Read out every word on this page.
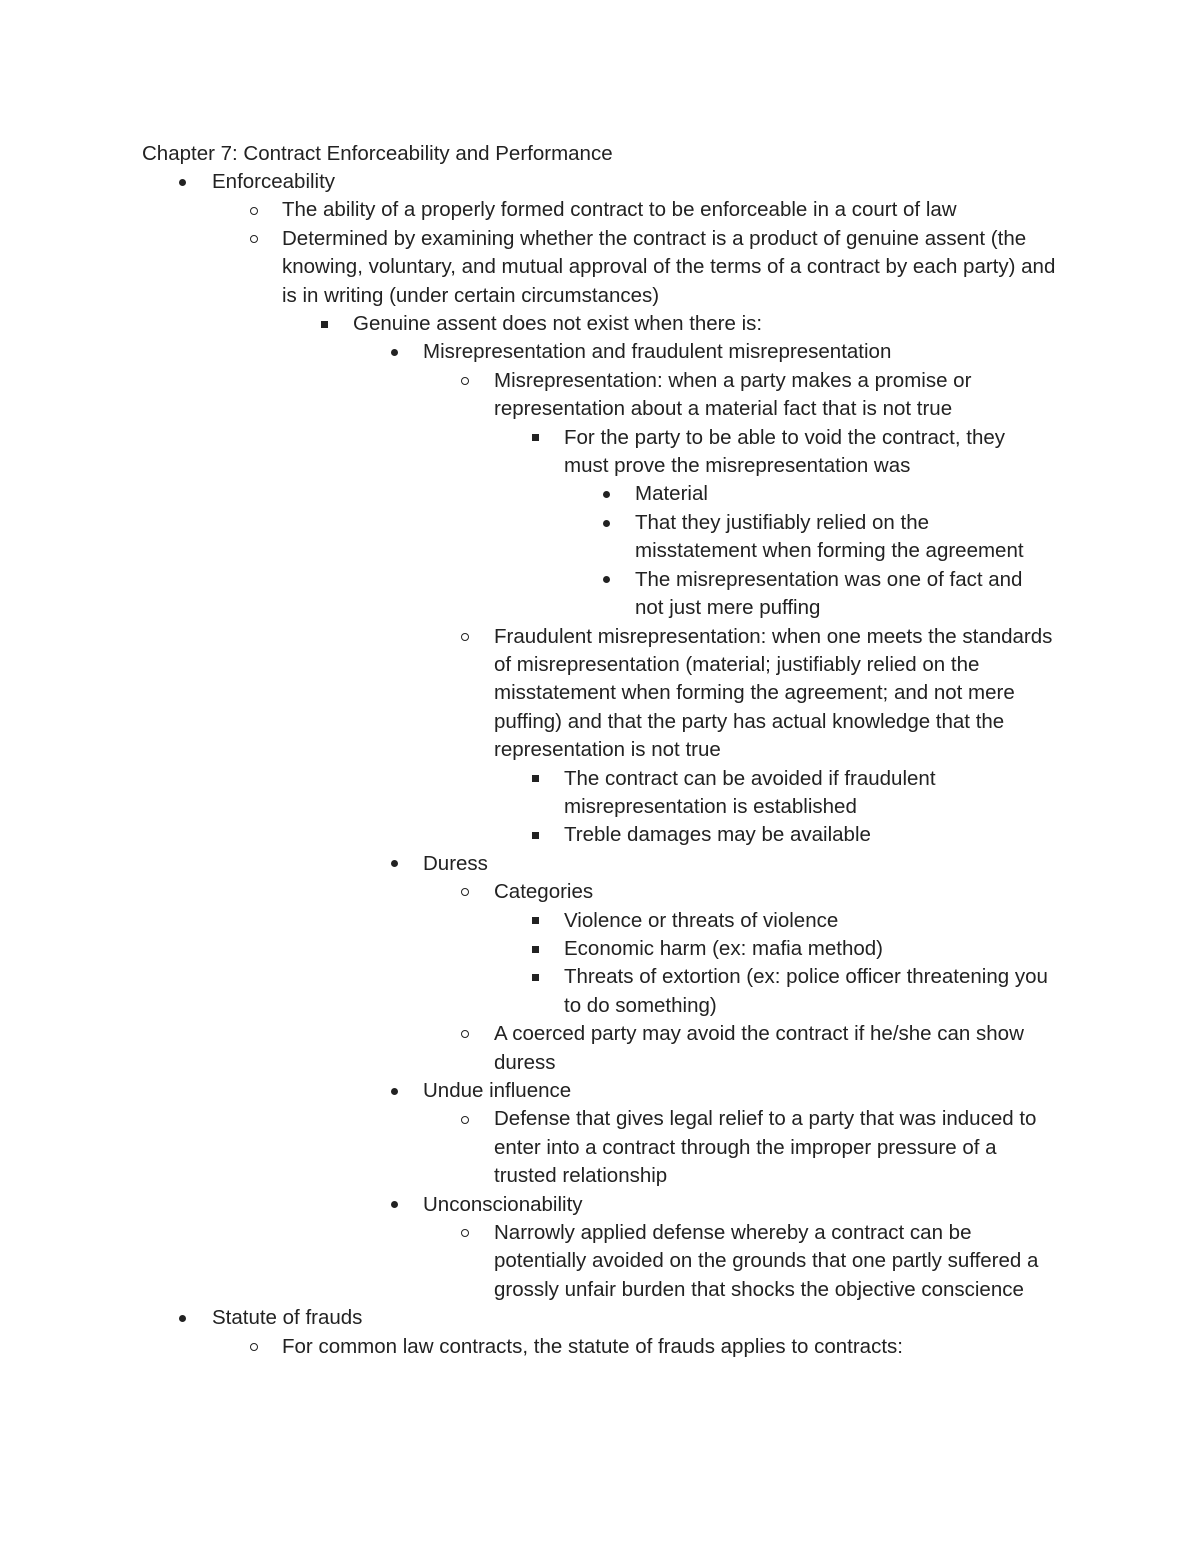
Chapter 7: Contract Enforceability and Performance
Enforceability
The ability of a properly formed contract to be enforceable in a court of law
Determined by examining whether the contract is a product of genuine assent (the knowing, voluntary, and mutual approval of the terms of a contract by each party) and is in writing (under certain circumstances)
Genuine assent does not exist when there is:
Misrepresentation and fraudulent misrepresentation
Misrepresentation: when a party makes a promise or representation about a material fact that is not true
For the party to be able to void the contract, they must prove the misrepresentation was
Material
That they justifiably relied on the misstatement when forming the agreement
The misrepresentation was one of fact and not just mere puffing
Fraudulent misrepresentation: when one meets the standards of misrepresentation (material; justifiably relied on the misstatement when forming the agreement; and not mere puffing) and that the party has actual knowledge that the representation is not true
The contract can be avoided if fraudulent misrepresentation is established
Treble damages may be available
Duress
Categories
Violence or threats of violence
Economic harm (ex: mafia method)
Threats of extortion (ex: police officer threatening you to do something)
A coerced party may avoid the contract if he/she can show duress
Undue influence
Defense that gives legal relief to a party that was induced to enter into a contract through the improper pressure of a trusted relationship
Unconscionability
Narrowly applied defense whereby a contract can be potentially avoided on the grounds that one partly suffered a grossly unfair burden that shocks the objective conscience
Statute of frauds
For common law contracts, the statute of frauds applies to contracts:
